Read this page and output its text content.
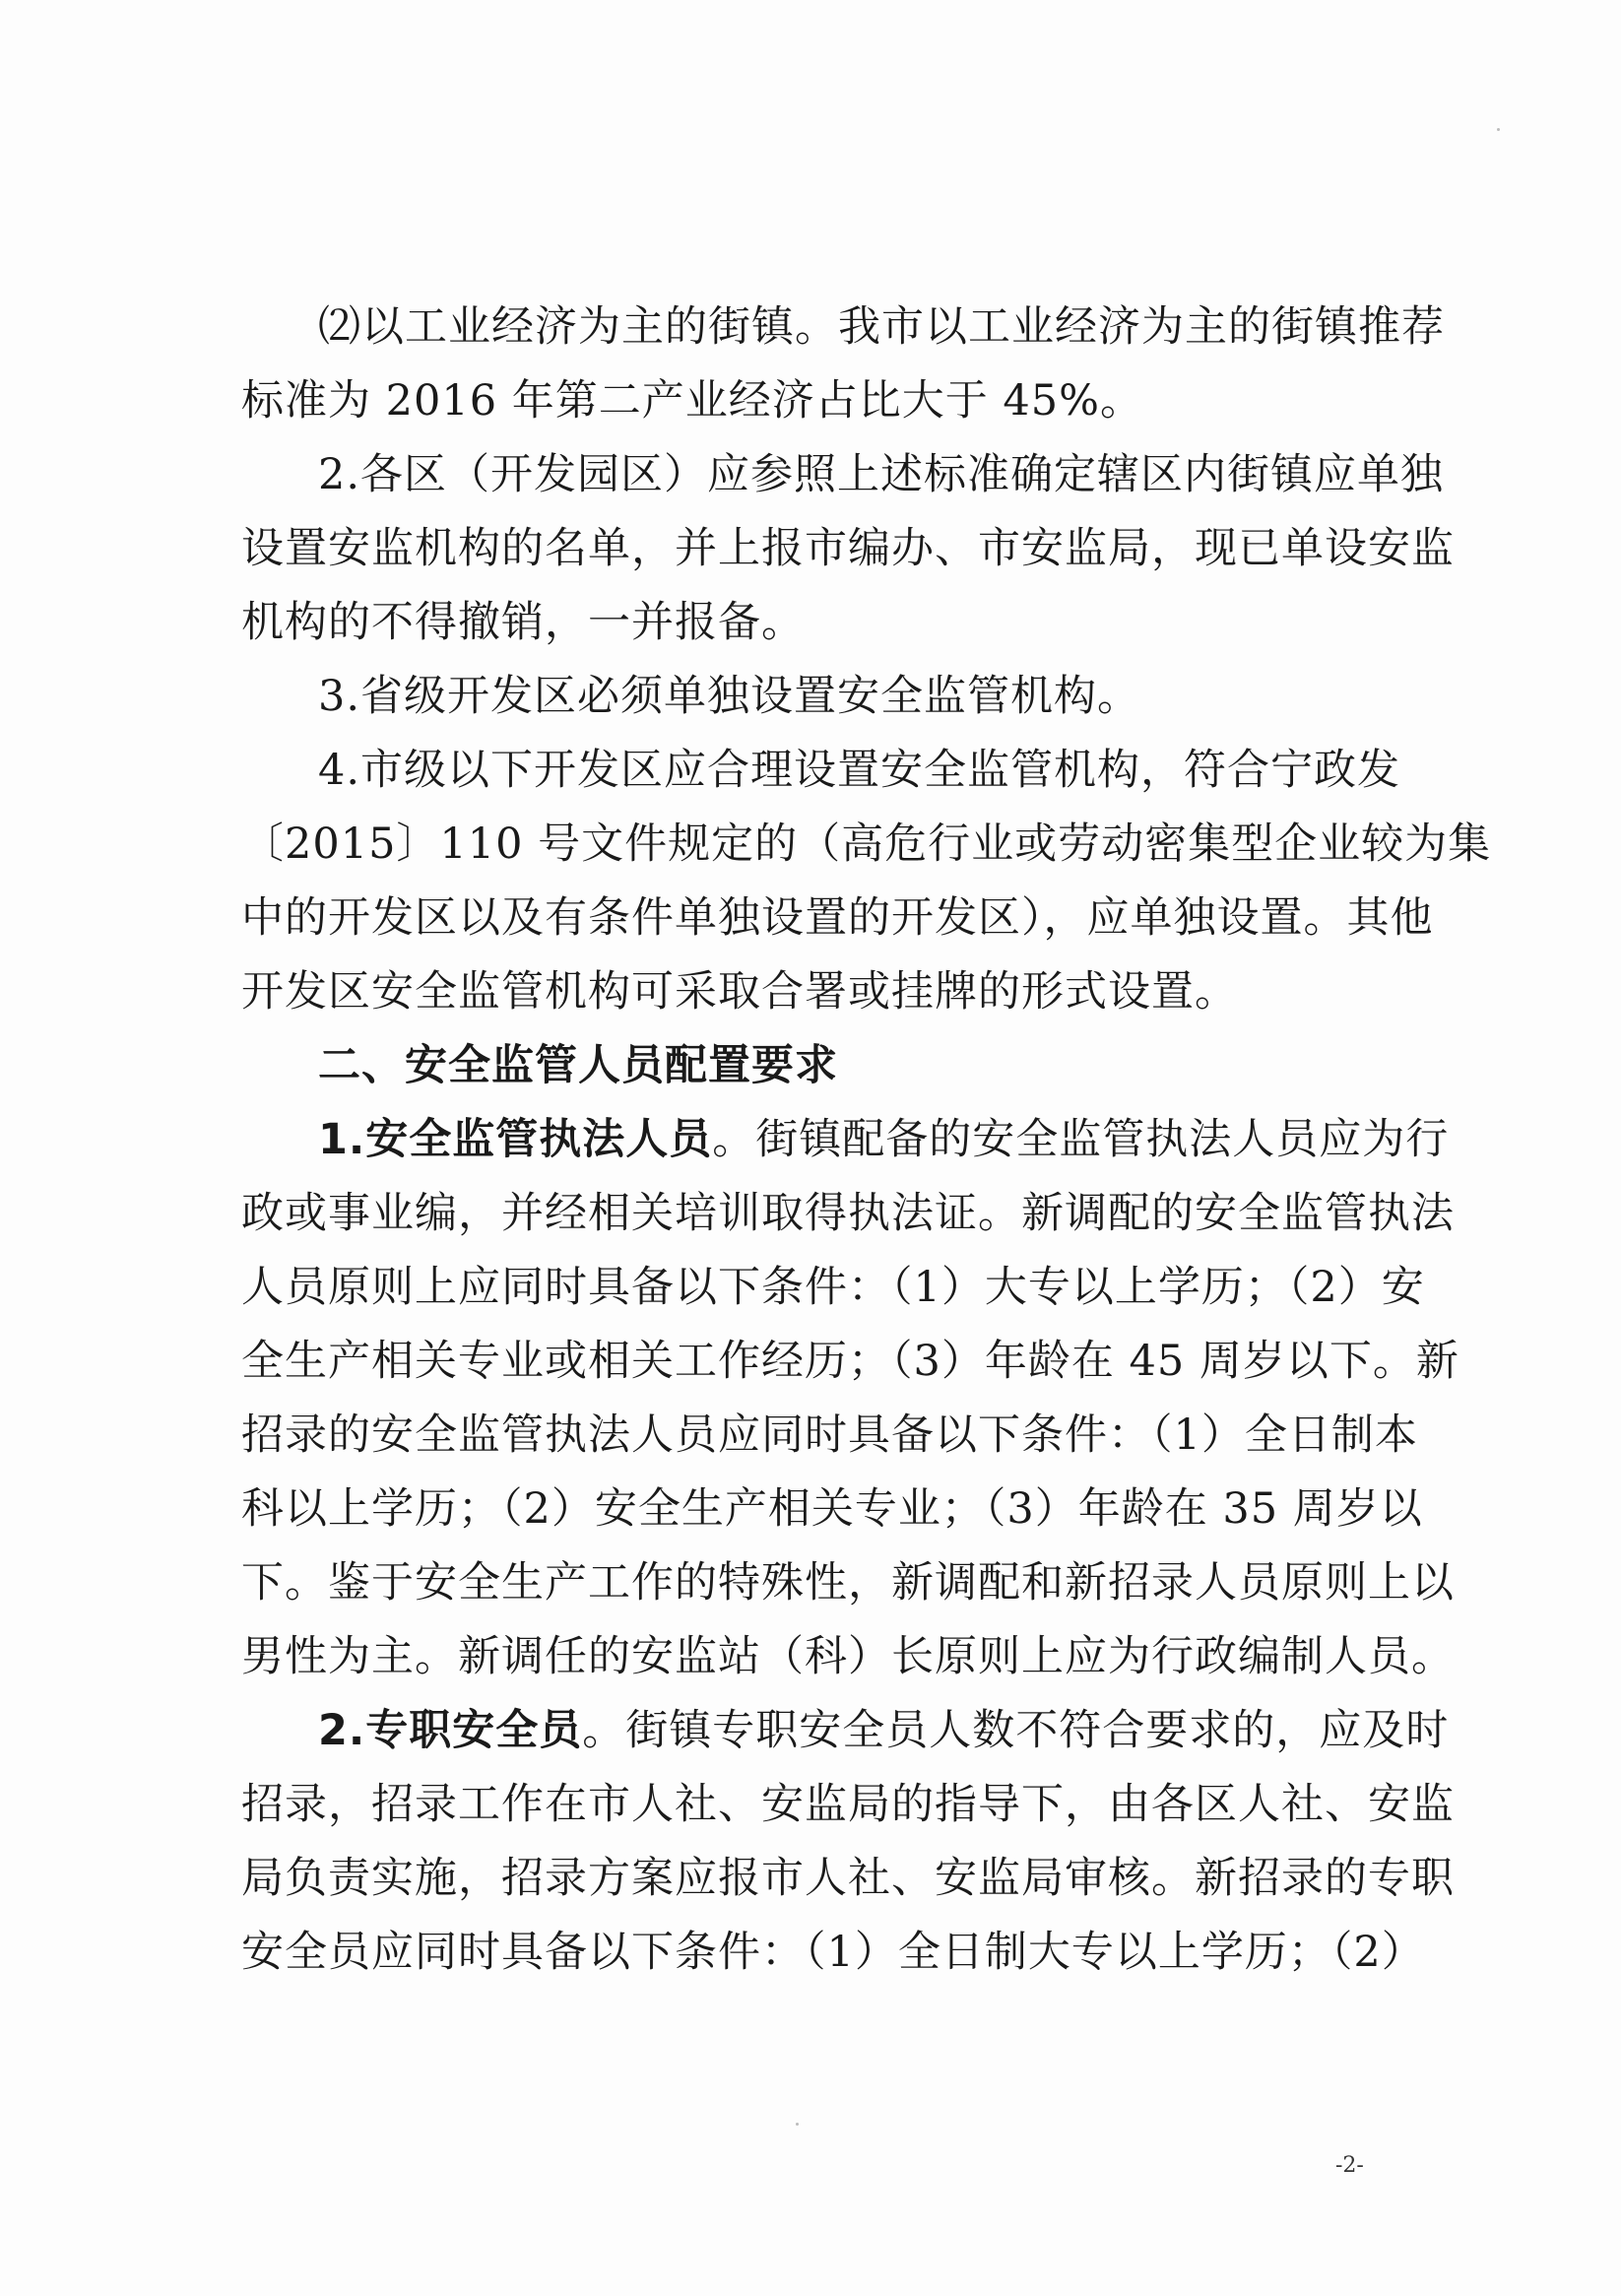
⑵以工业经济为主的街镇。我市以工业经济为主的街镇推荐
标准为 2016 年第二产业经济占比大于 45%。
2.各区（开发园区）应参照上述标准确定辖区内街镇应单独
设置安监机构的名单，并上报市编办、市安监局，现已单设安监
机构的不得撤销，一并报备。
3.省级开发区必须单独设置安全监管机构。
4.市级以下开发区应合理设置安全监管机构，符合宁政发
〔2015〕110 号文件规定的（高危行业或劳动密集型企业较为集
中的开发区以及有条件单独设置的开发区），应单独设置。其他
开发区安全监管机构可采取合署或挂牌的形式设置。
二、安全监管人员配置要求
1.安全监管执法人员。街镇配备的安全监管执法人员应为行
政或事业编，并经相关培训取得执法证。新调配的安全监管执法
人员原则上应同时具备以下条件：（1）大专以上学历；（2）安
全生产相关专业或相关工作经历；（3）年龄在 45 周岁以下。新
招录的安全监管执法人员应同时具备以下条件：（1）全日制本
科以上学历；（2）安全生产相关专业；（3）年龄在 35 周岁以
下。鉴于安全生产工作的特殊性，新调配和新招录人员原则上以
男性为主。新调任的安监站（科）长原则上应为行政编制人员。
2.专职安全员。街镇专职安全员人数不符合要求的，应及时
招录，招录工作在市人社、安监局的指导下，由各区人社、安监
局负责实施，招录方案应报市人社、安监局审核。新招录的专职
安全员应同时具备以下条件：（1）全日制大专以上学历；（2）
-2-
